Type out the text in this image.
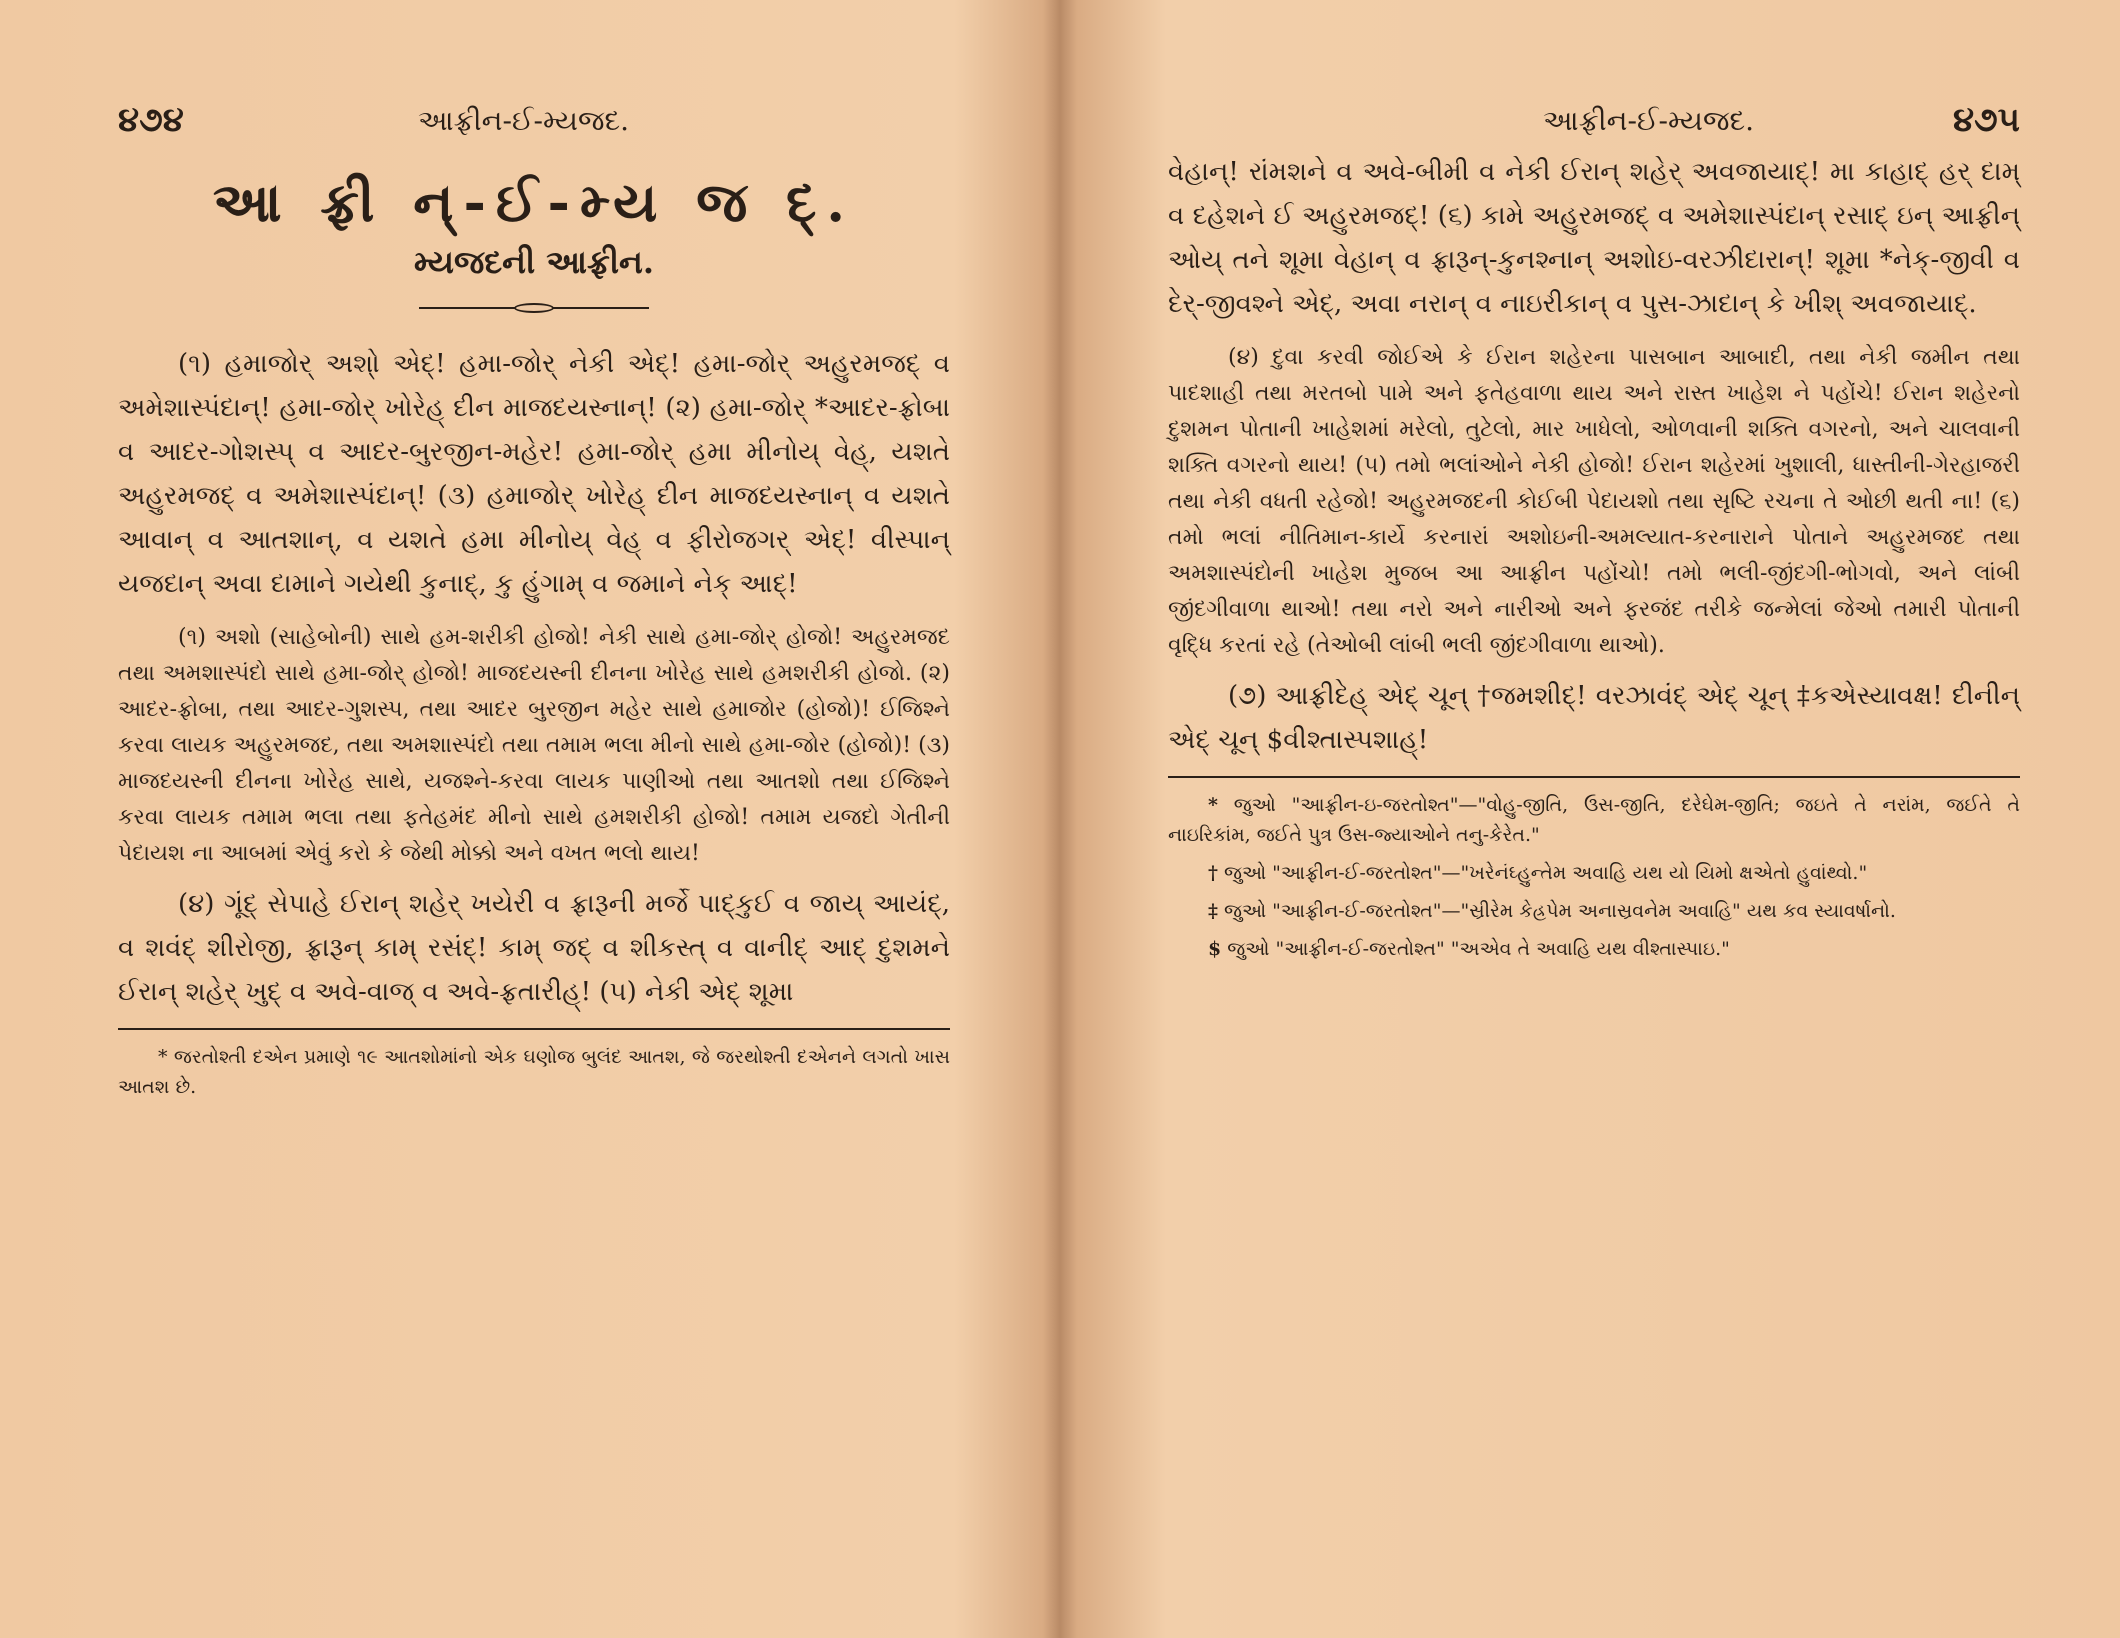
૪૭૪	આફ્રીન-ઈ-મ્યજદ.
આ ફ્રી ન્-ઈ-મ્ય જ દ્.
મ્યજદની આફ્રીન.

(૧) હમાજોર્ અશો્ એદ્! હમા-જોર્ નેકી એદ્! હમા-જોર્ અહુરમજદ્ વ અમેશાસ્પંદાન્! હમા-જોર્ ખોરેહ્ દીન માજદયસ્નાન્! (૨) હમા-જોર્ *આદર-ફ્રોબા વ આદર-ગોશસ્પ્ વ આદર-બુરજીન-મહેર! હમા-જોર્ હમા મીનોય્ વેહ્, યશતે અહુરમજદ્ વ અમેશાસ્પંદાન્! (૩) હમાજોર્ ખોરેહ્ દીન માજદયસ્નાન્ વ યશતે આવાન્ વ આતશાન્, વ યશતે હમા મીનોય્ વેહ્ વ ફીરોજગર્ એદ્! વીસ્પાન્ યજદાન્ અવા દામાને ગયેથી કુનાદ્, કુ હુંગામ્ વ જમાને નેક્ આદ્!

(૧) અશો (સાહેબોની) સાથે હમ-શરીકી હોજો! નેકી સાથે હમા-જોર્ હોજો! અહુરમજદ તથા અમશાસ્પંદો સાથે હમા-જોર્ હોજો! માજદયસ્ની દીનના ખોરેહ સાથે હમશરીકી હોજો. (૨) આદર-ફ્રોબા, તથા આદર-ગુશસ્પ, તથા આદર બુરજીન મહેર સાથે હમાજોર (હોજો)! ઈજિશ્ને કરવા લાયક અહુરમજદ, તથા અમશાસ્પંદો તથા તમામ ભલા મીનો સાથે હમા-જોર (હોજો)! (૩) માજદયસ્ની દીનના ખોરેહ સાથે, યજશ્ને-કરવા લાયક પાણીઓ તથા આતશો તથા ઈજિશ્ને કરવા લાયક તમામ ભલા તથા ફતેહમંદ મીનો સાથે હમશરીકી હોજો! તમામ યજદો ગેતીની પેદાયશ ના આબમાં એવું કરો કે જેથી મોક્કો અને વખત ભલો થાય!

(૪) ગૂંદ્ સેપાહે ઈરાન્ શહેર્ ખયેરી વ ફ્રારૂની મર્જે પાદ્કુઈ વ જાય્ આયંદ્, વ શવંદ્ શીરોજી, ફ્રારૂન્ કામ્ રસંદ્! કામ્ જદ્ વ શીકસ્ત્ વ વાનીદ્ આદ્ દુશમને ઈરાન્ શહેર્ ખુદ્ વ અવે-વાજ્ વ અવે-ફ્રતારીહ્! (૫) નેકી એદ્ શૂમા

* જરતોશ્તી દએન પ્રમાણે ૧૯ આતશોમાંનો એક ઘણોજ બુલંદ આતશ, જે જરથોશ્તી દએનને લગતો ખાસ આતશ છે.

આફ્રીન-ઈ-મ્યજદ.	૪૭૫

વેહાન્! રાંમશને વ અવે-બીમી વ નેકી ઈરાન્ શહેર્ અવજાયાદ્! મા કાહાદ્ હર્ દામ્ વ દહેશને ઈ અહુરમજદ્! (૬) કામે અહુરમજદ્ વ અમેશાસ્પંદાન્ રસાદ્ ઇન્ આફ્રીન્ ઓય્ તને શૂમા વેહાન્ વ ફ્રારૂન્-કુનશ્નાન્ અશોઇ-વરઝીદારાન્! શૂમા *નેક્-જીવી વ દેર્-જીવશ્ને એદ્, અવા નરાન્ વ નાઇરીકાન્ વ પુસ-ઝાદાન્ કે ખીશ્ અવજાયાદ્.

(૪) દુવા કરવી જોઈએ કે ઈરાન શહેરના પાસબાન આબાદી, તથા નેકી જમીન તથા પાદશાહી તથા મરતબો પામે અને ફતેહવાળા થાય અને રાસ્ત ખાહેશ ને પહોંચે! ઈરાન શહેરનો દુશમન પોતાની ખાહેશમાં મરેલો, તુટેલો, માર ખાધેલો, ઓળવાની શક્તિ વગરનો, અને ચાલવાની શક્તિ વગરનો થાય! (૫) તમો ભલાંઓને નેકી હોજો! ઈરાન શહેરમાં ખુશાલી, ધાસ્તીની-ગેરહાજરી તથા નેકી વધતી રહેજો! અહુરમજદની કોઈબી પેદાયશો તથા સૃષ્ટિ રચના તે ઓછી થતી ના! (૬) તમો ભલાં નીતિમાન-કાર્યે કરનારાં અશોઇની-અમલ્યાત-કરનારાને પોતાને અહુરમજદ તથા અમશાસ્પંદોની ખાહેશ મુજબ આ આફ્રીન પહોંચો! તમો ભલી-જીંદગી-ભોગવો, અને લાંબી જીંદગીવાળા થાઓ! તથા નરો અને નારીઓ અને ફરજંદ તરીકે જન્મેલાં જેઓ તમારી પોતાની વૃદ્ધિ કરતાં રહે (તેઓબી લાંબી ભલી જીંદગીવાળા થાઓ).

(૭) આફ્રીદેહ્ એદ્ ચૂન્ †જમશીદ્! વરઝાવંદ્ એદ્ ચૂન્ ‡કએસ્યાવક્ષ! દીનીન્ એદ્ ચૂન્ $વીશ્તાસ્પશાહ્!

* જુઓ "આફ્રીન-ઇ-જરતોશ્ત"—"વોહુ-જીતિ, ઉસ-જીતિ, દરેઘેમ-જીતિ; જઇતે તે નરાંમ, જઈતે તે નાઇરિકાંમ, જઈતે પુત્ર ઉસ-જ્યાઓને તનુ-કેરેત."

† જુઓ "આફ્રીન-ઈ-જરતોશ્ત"—"ખરેનંઘ્હુન્તેમ અવાહિ યથ યો યિમો ક્ષએતો હુવાંથ્વો."

‡ જુઓ "આફ્રીન-ઈ-જરતોશ્ત"—"સ્રીરેમ કેહ્રપેમ અનાસ્રવનેમ અવાહિ" યથ કવ સ્યાવર્ષાનો.

$ જુઓ "આફ્રીન-ઈ-જરતોશ્ત" "અએવ તે અવાહિ યથ વીશ્તાસ્પાઇ."
